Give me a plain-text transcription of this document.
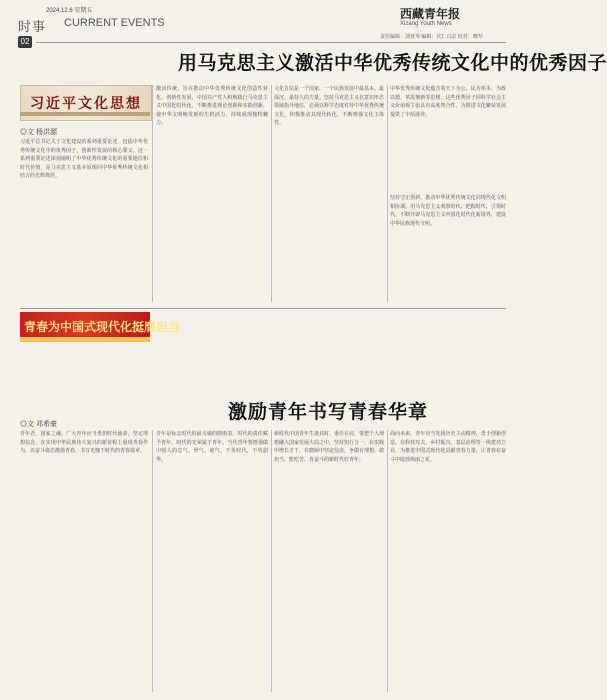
2024.12.6 星期五
时事 CURRENT EVENTS
02
西藏青年报
Xizang Youth News
责任编辑：刘亚琴 编辑：次仁白宗 校对：晓琴
用马克思主义激活中华优秀传统文化中的优秀因子
习近平文化思想
◎文 杨洪源
习近平总书记关于文化建设的系列重要论述，包括中华优秀传统文化中的优秀因子、创新性发展的核心要义。这一系列重要论述深刻阐明了中华优秀传统文化的重要地位和时代价值，是马克思主义基本原理同中华优秀传统文化相结合的光辉典范。
激活传统，旨在推动中华优秀传统文化创造性转化、创新性发展，中国共产党人积极践行马克思主义中国化时代化，不断推进理论创新和实践创新，使中华文明焕发新的生机活力，持续展现独特魅力。
文化自信是一个国家、一个民族发展中最基本、最深沉、最持久的力量。坚持马克思主义在意识形态领域指导地位，必须以科学态度对待中华优秀传统文化，积极推动其现代转化，不断增强文化主体性。
中华优秀传统文化蕴含着天下为公、民为邦本、为政以德、革故鼎新等思想，这些优秀因子同科学社会主义价值观主张具有高度契合性，为推进文化繁荣发展提供了丰厚滋养。
坚持守正创新，推动中华优秀传统文化同现代化文明相协调，用马克思主义观察时代、把握时代、引领时代，不断开辟马克思主义中国化时代化新境界，建设中华民族现代文明。
青春为中国式现代化挺膺担当
激励青年书写青春华章
◎文 邓希豪
青年者，国家之魂。广大青年应当勇担时代使命，坚定理想信念，在实现中华民族伟大复兴的新征程上展现青春作为，以奋斗姿态激扬青春，书写无愧于时代的青春篇章。
青年是标志时代的最灵敏的晴雨表，时代的责任赋予青年，时代的光荣属于青年。当代青年要增强做中国人的志气、骨气、底气，不负时代，不负韶华。
新时代中国青年生逢其时、重任在肩，要把个人理想融入国家发展大局之中，坚持知行合一，在实践中增长才干，在磨砺中坚定信念，争做有理想、敢担当、能吃苦、肯奋斗的新时代好青年。
面向未来，青年应当发扬历史主动精神，勇于创新创造，在科技攻关、乡村振兴、基层治理等一线建功立业，为推进中国式现代化贡献青春力量，让青春在奋斗中绽放绚丽之花。
